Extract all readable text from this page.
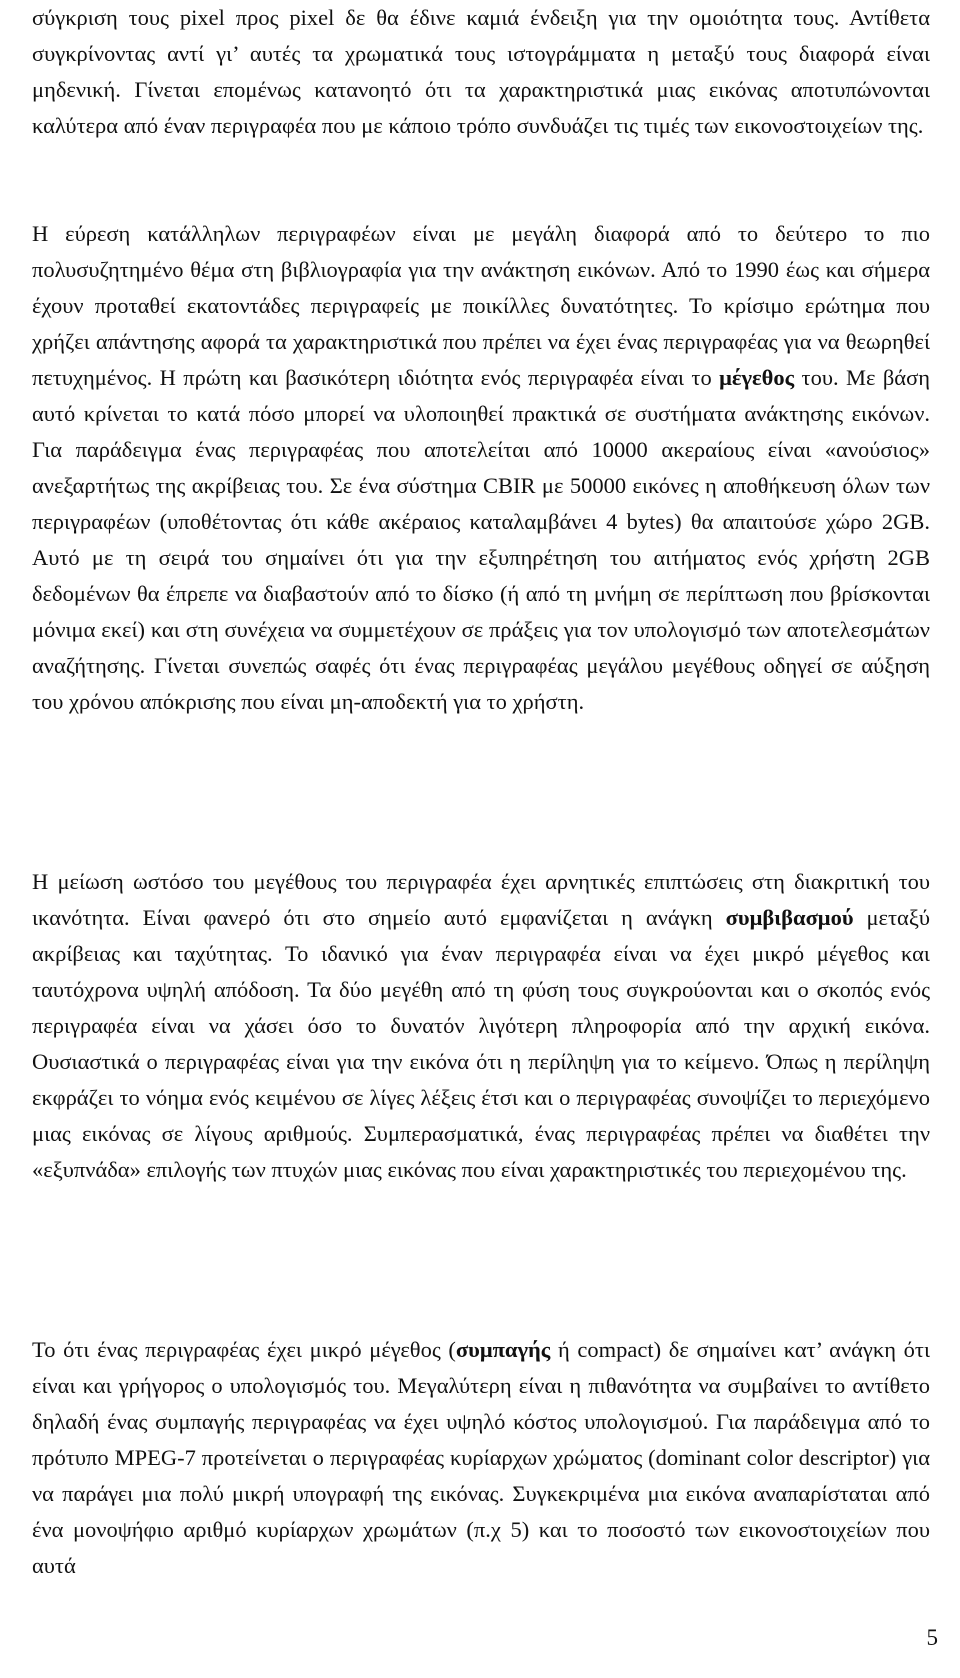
σύγκριση τους pixel προς pixel δε θα έδινε καμιά ένδειξη για την ομοιότητα τους. Αντίθετα συγκρίνοντας αντί γι’ αυτές τα χρωματικά τους ιστογράμματα η μεταξύ τους διαφορά είναι μηδενική. Γίνεται επομένως κατανοητό ότι τα χαρακτηριστικά μιας εικόνας αποτυπώνονται καλύτερα από έναν περιγραφέα που με κάποιο τρόπο συνδυάζει τις τιμές των εικονοστοιχείων της.

Η εύρεση κατάλληλων περιγραφέων είναι με μεγάλη διαφορά από το δεύτερο το πιο πολυσυζητημένο θέμα στη βιβλιογραφία για την ανάκτηση εικόνων. Από το 1990 έως και σήμερα έχουν προταθεί εκατοντάδες περιγραφείς με ποικίλλες δυνατότητες. Το κρίσιμο ερώτημα που χρήζει απάντησης αφορά τα χαρακτηριστικά που πρέπει να έχει ένας περιγραφέας για να θεωρηθεί πετυχημένος. Η πρώτη και βασικότερη ιδιότητα ενός περιγραφέα είναι το μέγεθος του. Με βάση αυτό κρίνεται το κατά πόσο μπορεί να υλοποιηθεί πρακτικά σε συστήματα ανάκτησης εικόνων. Για παράδειγμα ένας περιγραφέας που αποτελείται από 10000 ακεραίους είναι «ανούσιος» ανεξαρτήτως της ακρίβειας του. Σε ένα σύστημα CBIR με 50000 εικόνες η αποθήκευση όλων των περιγραφέων (υποθέτοντας ότι κάθε ακέραιος καταλαμβάνει 4 bytes) θα απαιτούσε χώρο 2GB. Αυτό με τη σειρά του σημαίνει ότι για την εξυπηρέτηση του αιτήματος ενός χρήστη 2GB δεδομένων θα έπρεπε να διαβαστούν από το δίσκο (ή από τη μνήμη σε περίπτωση που βρίσκονται μόνιμα εκεί) και στη συνέχεια να συμμετέχουν σε πράξεις για τον υπολογισμό των αποτελεσμάτων αναζήτησης. Γίνεται συνεπώς σαφές ότι ένας περιγραφέας μεγάλου μεγέθους οδηγεί σε αύξηση του χρόνου απόκρισης που είναι μη-αποδεκτή για το χρήστη.

Η μείωση ωστόσο του μεγέθους του περιγραφέα έχει αρνητικές επιπτώσεις στη διακριτική του ικανότητα. Είναι φανερό ότι στο σημείο αυτό εμφανίζεται η ανάγκη συμβιβασμού μεταξύ ακρίβειας και ταχύτητας. Το ιδανικό για έναν περιγραφέα είναι να έχει μικρό μέγεθος και ταυτόχρονα υψηλή απόδοση. Τα δύο μεγέθη από τη φύση τους συγκρούονται και ο σκοπός ενός περιγραφέα είναι να χάσει όσο το δυνατόν λιγότερη πληροφορία από την αρχική εικόνα. Ουσιαστικά ο περιγραφέας είναι για την εικόνα ότι η περίληψη για το κείμενο. Όπως η περίληψη εκφράζει το νόημα ενός κειμένου σε λίγες λέξεις έτσι και ο περιγραφέας συνοψίζει το περιεχόμενο μιας εικόνας σε λίγους αριθμούς. Συμπερασματικά, ένας περιγραφέας πρέπει να διαθέτει την «εξυπνάδα» επιλογής των πτυχών μιας εικόνας που είναι χαρακτηριστικές του περιεχομένου της.

Το ότι ένας περιγραφέας έχει μικρό μέγεθος (συμπαγής ή compact) δε σημαίνει κατ’ ανάγκη ότι είναι και γρήγορος ο υπολογισμός του. Μεγαλύτερη είναι η πιθανότητα να συμβαίνει το αντίθετο δηλαδή ένας συμπαγής περιγραφέας να έχει υψηλό κόστος υπολογισμού. Για παράδειγμα από το πρότυπο MPEG-7 προτείνεται ο περιγραφέας κυρίαρχων χρώματος (dominant color descriptor) για να παράγει μια πολύ μικρή υπογραφή της εικόνας. Συγκεκριμένα μια εικόνα αναπαρίσταται από ένα μονοψήφιο αριθμό κυρίαρχων χρωμάτων (π.χ 5) και το ποσοστό των εικονοστοιχείων που αυτά

5
